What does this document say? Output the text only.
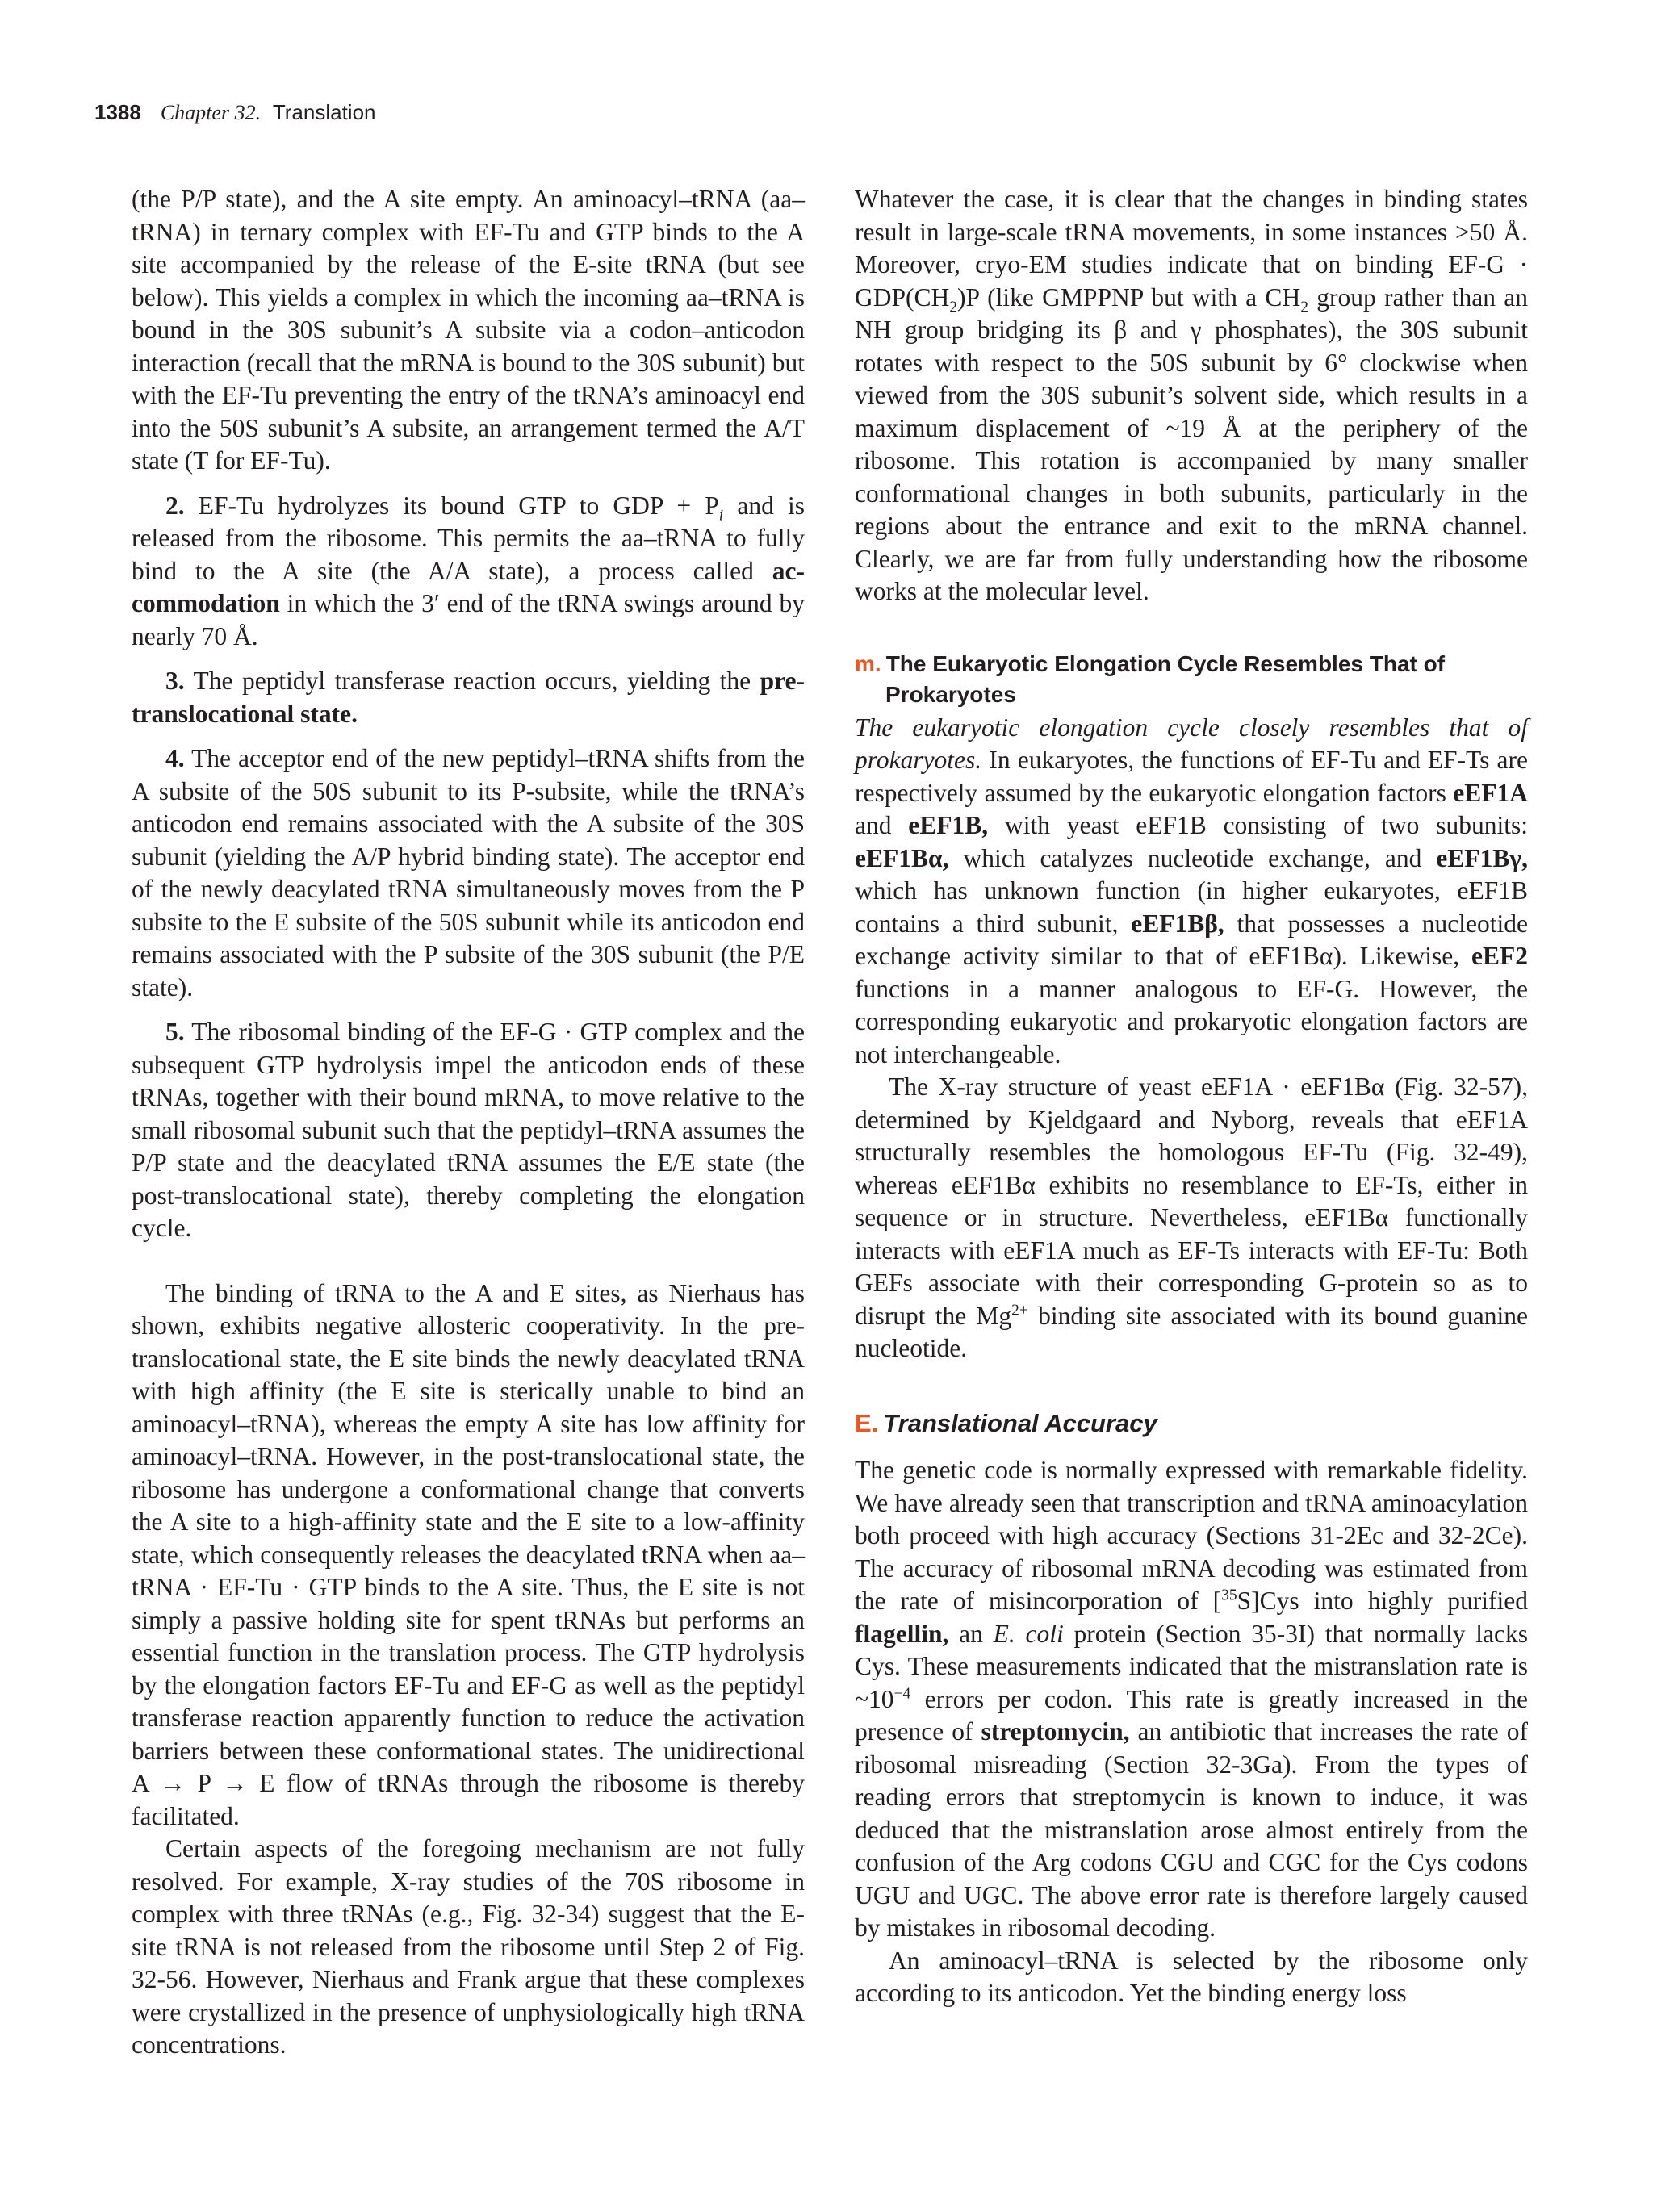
1388 Chapter 32. Translation

(the P/P state), and the A site empty. An aminoacyl–tRNA (aa–tRNA) in ternary complex with EF-Tu and GTP binds to the A site accompanied by the release of the E-site tRNA (but see below). This yields a complex in which the incoming aa–tRNA is bound in the 30S subunit’s A subsite via a codon–anticodon interaction (recall that the mRNA is bound to the 30S subunit) but with the EF-Tu preventing the entry of the tRNA’s aminoacyl end into the 50S subunit’s A subsite, an arrangement termed the A/T state (T for EF-Tu).

2. EF-Tu hydrolyzes its bound GTP to GDP + $P_i$ and is released from the ribosome. This permits the aa–tRNA to fully bind to the A site (the A/A state), a process called accommodation in which the 3′ end of the tRNA swings around by nearly 70 Å.

3. The peptidyl transferase reaction occurs, yielding the pre-translocational state.

4. The acceptor end of the new peptidyl–tRNA shifts from the A subsite of the 50S subunit to its P-subsite, while the tRNA’s anticodon end remains associated with the A subsite of the 30S subunit (yielding the A/P hybrid binding state). The acceptor end of the newly deacylated tRNA simultaneously moves from the P subsite to the E subsite of the 50S subunit while its anticodon end remains associated with the P subsite of the 30S subunit (the P/E state).

5. The ribosomal binding of the EF-G · GTP complex and the subsequent GTP hydrolysis impel the anticodon ends of these tRNAs, together with their bound mRNA, to move relative to the small ribosomal subunit such that the peptidyl–tRNA assumes the P/P state and the deacylated tRNA assumes the E/E state (the post-translocational state), thereby completing the elongation cycle.

The binding of tRNA to the A and E sites, as Nierhaus has shown, exhibits negative allosteric cooperativity. In the pre-translocational state, the E site binds the newly deacylated tRNA with high affinity (the E site is sterically unable to bind an aminoacyl–tRNA), whereas the empty A site has low affinity for aminoacyl–tRNA. However, in the post-translocational state, the ribosome has undergone a conformational change that converts the A site to a high-affinity state and the E site to a low-affinity state, which consequently releases the deacylated tRNA when aa–tRNA · EF-Tu · GTP binds to the A site. Thus, the E site is not simply a passive holding site for spent tRNAs but performs an essential function in the translation process. The GTP hydrolysis by the elongation factors EF-Tu and EF-G as well as the peptidyl transferase reaction apparently function to reduce the activation barriers between these conformational states. The unidirectional A → P → E flow of tRNAs through the ribosome is thereby facilitated.

Certain aspects of the foregoing mechanism are not fully resolved. For example, X-ray studies of the 70S ribosome in complex with three tRNAs (e.g., Fig. 32-34) suggest that the E-site tRNA is not released from the ribosome until Step 2 of Fig. 32-56. However, Nierhaus and Frank argue that these complexes were crystallized in the presence of unphysiologically high tRNA concentrations.

Whatever the case, it is clear that the changes in binding states result in large-scale tRNA movements, in some instances >50 Å. Moreover, cryo-EM studies indicate that on binding $EF-G \cdot GDP(CH_2)P$ (like GMPPNP but with a $CH_2$ group rather than an NH group bridging its β and γ phosphates), the 30S subunit rotates with respect to the 50S subunit by 6° clockwise when viewed from the 30S subunit’s solvent side, which results in a maximum displacement of ~19 Å at the periphery of the ribosome. This rotation is accompanied by many smaller conformational changes in both subunits, particularly in the regions about the entrance and exit to the mRNA channel. Clearly, we are far from fully understanding how the ribosome works at the molecular level.

m. The Eukaryotic Elongation Cycle Resembles That of Prokaryotes

The eukaryotic elongation cycle closely resembles that of prokaryotes. In eukaryotes, the functions of EF-Tu and EF-Ts are respectively assumed by the eukaryotic elongation factors eEF1A and eEF1B, with yeast eEF1B consisting of two subunits: eEF1Bα, which catalyzes nucleotide exchange, and eEF1Bγ, which has unknown function (in higher eukaryotes, eEF1B contains a third subunit, eEF1Bβ, that possesses a nucleotide exchange activity similar to that of eEF1Bα). Likewise, eEF2 functions in a manner analogous to EF-G. However, the corresponding eukaryotic and prokaryotic elongation factors are not interchangeable.

The X-ray structure of yeast eEF1A · eEF1Bα (Fig. 32-57), determined by Kjeldgaard and Nyborg, reveals that eEF1A structurally resembles the homologous EF-Tu (Fig. 32-49), whereas eEF1Bα exhibits no resemblance to EF-Ts, either in sequence or in structure. Nevertheless, eEF1Bα functionally interacts with eEF1A much as EF-Ts interacts with EF-Tu: Both GEFs associate with their corresponding G-protein so as to disrupt the $Mg^{2+}$ binding site associated with its bound guanine nucleotide.

E. Translational Accuracy

The genetic code is normally expressed with remarkable fidelity. We have already seen that transcription and tRNA aminoacylation both proceed with high accuracy (Sections 31-2Ec and 32-2Ce). The accuracy of ribosomal mRNA decoding was estimated from the rate of misincorporation of [$^{35}$S]Cys into highly purified flagellin, an E. coli protein (Section 35-3I) that normally lacks Cys. These measurements indicated that the mistranslation rate is $\sim 10^{-4}$ errors per codon. This rate is greatly increased in the presence of streptomycin, an antibiotic that increases the rate of ribosomal misreading (Section 32-3Ga). From the types of reading errors that streptomycin is known to induce, it was deduced that the mistranslation arose almost entirely from the confusion of the Arg codons CGU and CGC for the Cys codons UGU and UGC. The above error rate is therefore largely caused by mistakes in ribosomal decoding.

An aminoacyl–tRNA is selected by the ribosome only according to its anticodon. Yet the binding energy loss
